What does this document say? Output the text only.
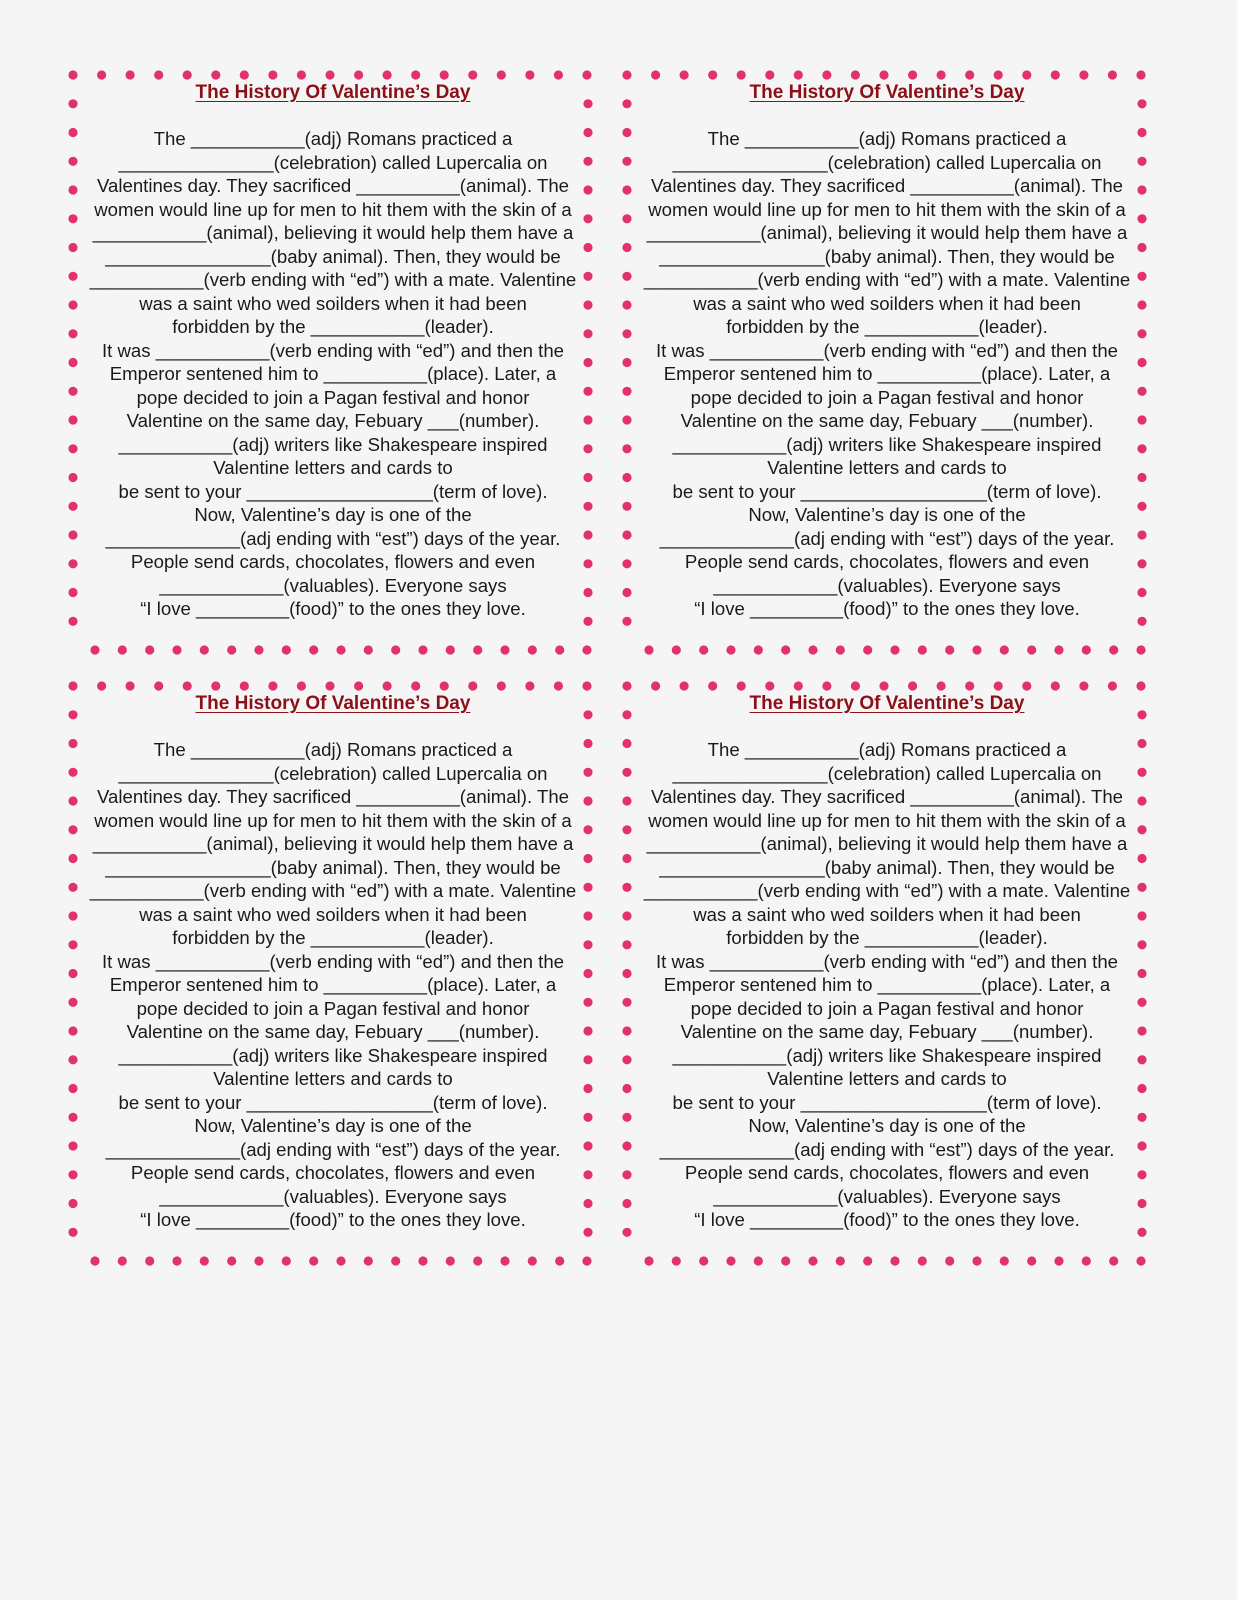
The History Of Valentine’s Day
The ___________(adj) Romans practiced a
_______________(celebration) called Lupercalia on
Valentines day. They sacrificed __________(animal). The
women would line up for men to hit them with the skin of a
___________(animal), believing it would help them have a
________________(baby animal). Then, they would be
___________(verb ending with “ed”) with a mate. Valentine
was a saint who wed soilders when it had been
forbidden by the ___________(leader).
It was ___________(verb ending with “ed”) and then the
Emperor sentened him to __________(place). Later, a
pope decided to join a Pagan festival and honor
Valentine on the same day, Febuary ___(number).
___________(adj) writers like Shakespeare inspired
Valentine letters and cards to
be sent to your __________________(term of love).
Now, Valentine’s day is one of the
_____________(adj ending with “est”) days of the year.
People send cards, chocolates, flowers and even
____________(valuables). Everyone says
“I love _________(food)” to the ones they love.
The History Of Valentine’s Day
The ___________(adj) Romans practiced a
_______________(celebration) called Lupercalia on
Valentines day. They sacrificed __________(animal). The
women would line up for men to hit them with the skin of a
___________(animal), believing it would help them have a
________________(baby animal). Then, they would be
___________(verb ending with “ed”) with a mate. Valentine
was a saint who wed soilders when it had been
forbidden by the ___________(leader).
It was ___________(verb ending with “ed”) and then the
Emperor sentened him to __________(place). Later, a
pope decided to join a Pagan festival and honor
Valentine on the same day, Febuary ___(number).
___________(adj) writers like Shakespeare inspired
Valentine letters and cards to
be sent to your __________________(term of love).
Now, Valentine’s day is one of the
_____________(adj ending with “est”) days of the year.
People send cards, chocolates, flowers and even
____________(valuables). Everyone says
“I love _________(food)” to the ones they love.
The History Of Valentine’s Day
The ___________(adj) Romans practiced a
_______________(celebration) called Lupercalia on
Valentines day. They sacrificed __________(animal). The
women would line up for men to hit them with the skin of a
___________(animal), believing it would help them have a
________________(baby animal). Then, they would be
___________(verb ending with “ed”) with a mate. Valentine
was a saint who wed soilders when it had been
forbidden by the ___________(leader).
It was ___________(verb ending with “ed”) and then the
Emperor sentened him to __________(place). Later, a
pope decided to join a Pagan festival and honor
Valentine on the same day, Febuary ___(number).
___________(adj) writers like Shakespeare inspired
Valentine letters and cards to
be sent to your __________________(term of love).
Now, Valentine’s day is one of the
_____________(adj ending with “est”) days of the year.
People send cards, chocolates, flowers and even
____________(valuables). Everyone says
“I love _________(food)” to the ones they love.
The History Of Valentine’s Day
The ___________(adj) Romans practiced a
_______________(celebration) called Lupercalia on
Valentines day. They sacrificed __________(animal). The
women would line up for men to hit them with the skin of a
___________(animal), believing it would help them have a
________________(baby animal). Then, they would be
___________(verb ending with “ed”) with a mate. Valentine
was a saint who wed soilders when it had been
forbidden by the ___________(leader).
It was ___________(verb ending with “ed”) and then the
Emperor sentened him to __________(place). Later, a
pope decided to join a Pagan festival and honor
Valentine on the same day, Febuary ___(number).
___________(adj) writers like Shakespeare inspired
Valentine letters and cards to
be sent to your __________________(term of love).
Now, Valentine’s day is one of the
_____________(adj ending with “est”) days of the year.
People send cards, chocolates, flowers and even
____________(valuables). Everyone says
“I love _________(food)” to the ones they love.
